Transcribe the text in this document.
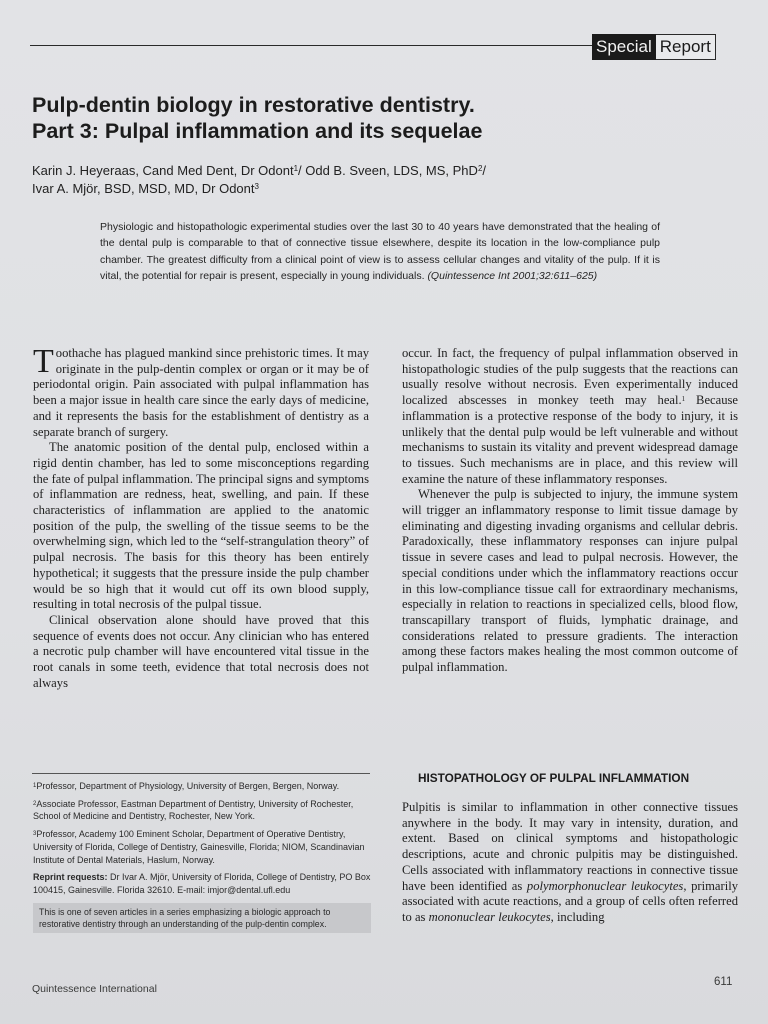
Special Report
Pulp-dentin biology in restorative dentistry.
Part 3: Pulpal inflammation and its sequelae
Karin J. Heyeraas, Cand Med Dent, Dr Odont$^1$/ Odd B. Sveen, LDS, MS, PhD$^2$/
Ivar A. Mjör, BSD, MSD, MD, Dr Odont$^3$
Physiologic and histopathologic experimental studies over the last 30 to 40 years have demonstrated that the healing of the dental pulp is comparable to that of connective tissue elsewhere, despite its location in the low-compliance pulp chamber. The greatest difficulty from a clinical point of view is to assess cellular changes and vitality of the pulp. If it is vital, the potential for repair is present, especially in young individuals. (Quintessence Int 2001;32:611–625)

Toothache has plagued mankind since prehistoric times. It may originate in the pulp-dentin complex or organ or it may be of periodontal origin. Pain associated with pulpal inflammation has been a major issue in health care since the early days of medicine, and it represents the basis for the establishment of dentistry as a separate branch of surgery.

The anatomic position of the dental pulp, enclosed within a rigid dentin chamber, has led to some misconceptions regarding the fate of pulpal inflammation. The principal signs and symptoms of inflammation are redness, heat, swelling, and pain. If these characteristics of inflammation are applied to the anatomic position of the pulp, the swelling of the tissue seems to be the overwhelming sign, which led to the “self-strangulation theory” of pulpal necrosis. The basis for this theory has been entirely hypothetical; it suggests that the pressure inside the pulp chamber would be so high that it would cut off its own blood supply, resulting in total necrosis of the pulpal tissue.

Clinical observation alone should have proved that this sequence of events does not occur. Any clinician who has entered a necrotic pulp chamber will have encountered vital tissue in the root canals in some teeth, evidence that total necrosis does not always

occur. In fact, the frequency of pulpal inflammation observed in histopathologic studies of the pulp suggests that the reactions can usually resolve without necrosis. Even experimentally induced localized abscesses in monkey teeth may heal.$^1$ Because inflammation is a protective response of the body to injury, it is unlikely that the dental pulp would be left vulnerable and without mechanisms to sustain its vitality and prevent widespread damage to tissues. Such mechanisms are in place, and this review will examine the nature of these inflammatory responses.

Whenever the pulp is subjected to injury, the immune system will trigger an inflammatory response to limit tissue damage by eliminating and digesting invading organisms and cellular debris. Paradoxically, these inflammatory responses can injure pulpal tissue in severe cases and lead to pulpal necrosis. However, the special conditions under which the inflammatory reactions occur in this low-compliance tissue call for extraordinary mechanisms, especially in relation to reactions in specialized cells, blood flow, transcapillary transport of fluids, lymphatic drainage, and considerations related to pressure gradients. The interaction among these factors makes healing the most common outcome of pulpal inflammation.

HISTOPATHOLOGY OF PULPAL INFLAMMATION

Pulpitis is similar to inflammation in other connective tissues anywhere in the body. It may vary in intensity, duration, and extent. Based on clinical symptoms and histopathologic descriptions, acute and chronic pulpitis may be distinguished. Cells associated with inflammatory reactions in connective tissue have been identified as polymorphonuclear leukocytes, primarily associated with acute reactions, and a group of cells often referred to as mononuclear leukocytes, including

$^1$Professor, Department of Physiology, University of Bergen, Bergen, Norway.
$^2$Associate Professor, Eastman Department of Dentistry, University of Rochester, School of Medicine and Dentistry, Rochester, New York.
$^3$Professor, Academy 100 Eminent Scholar, Department of Operative Dentistry, University of Florida, College of Dentistry, Gainesville, Florida; NIOM, Scandinavian Institute of Dental Materials, Haslum, Norway.
Reprint requests: Dr Ivar A. Mjör, University of Florida, College of Dentistry, PO Box 100415, Gainesville. Florida 32610. E-mail: imjor@dental.ufl.edu
This is one of seven articles in a series emphasizing a biologic approach to restorative dentistry through an understanding of the pulp-dentin complex.
Quintessence International
611
